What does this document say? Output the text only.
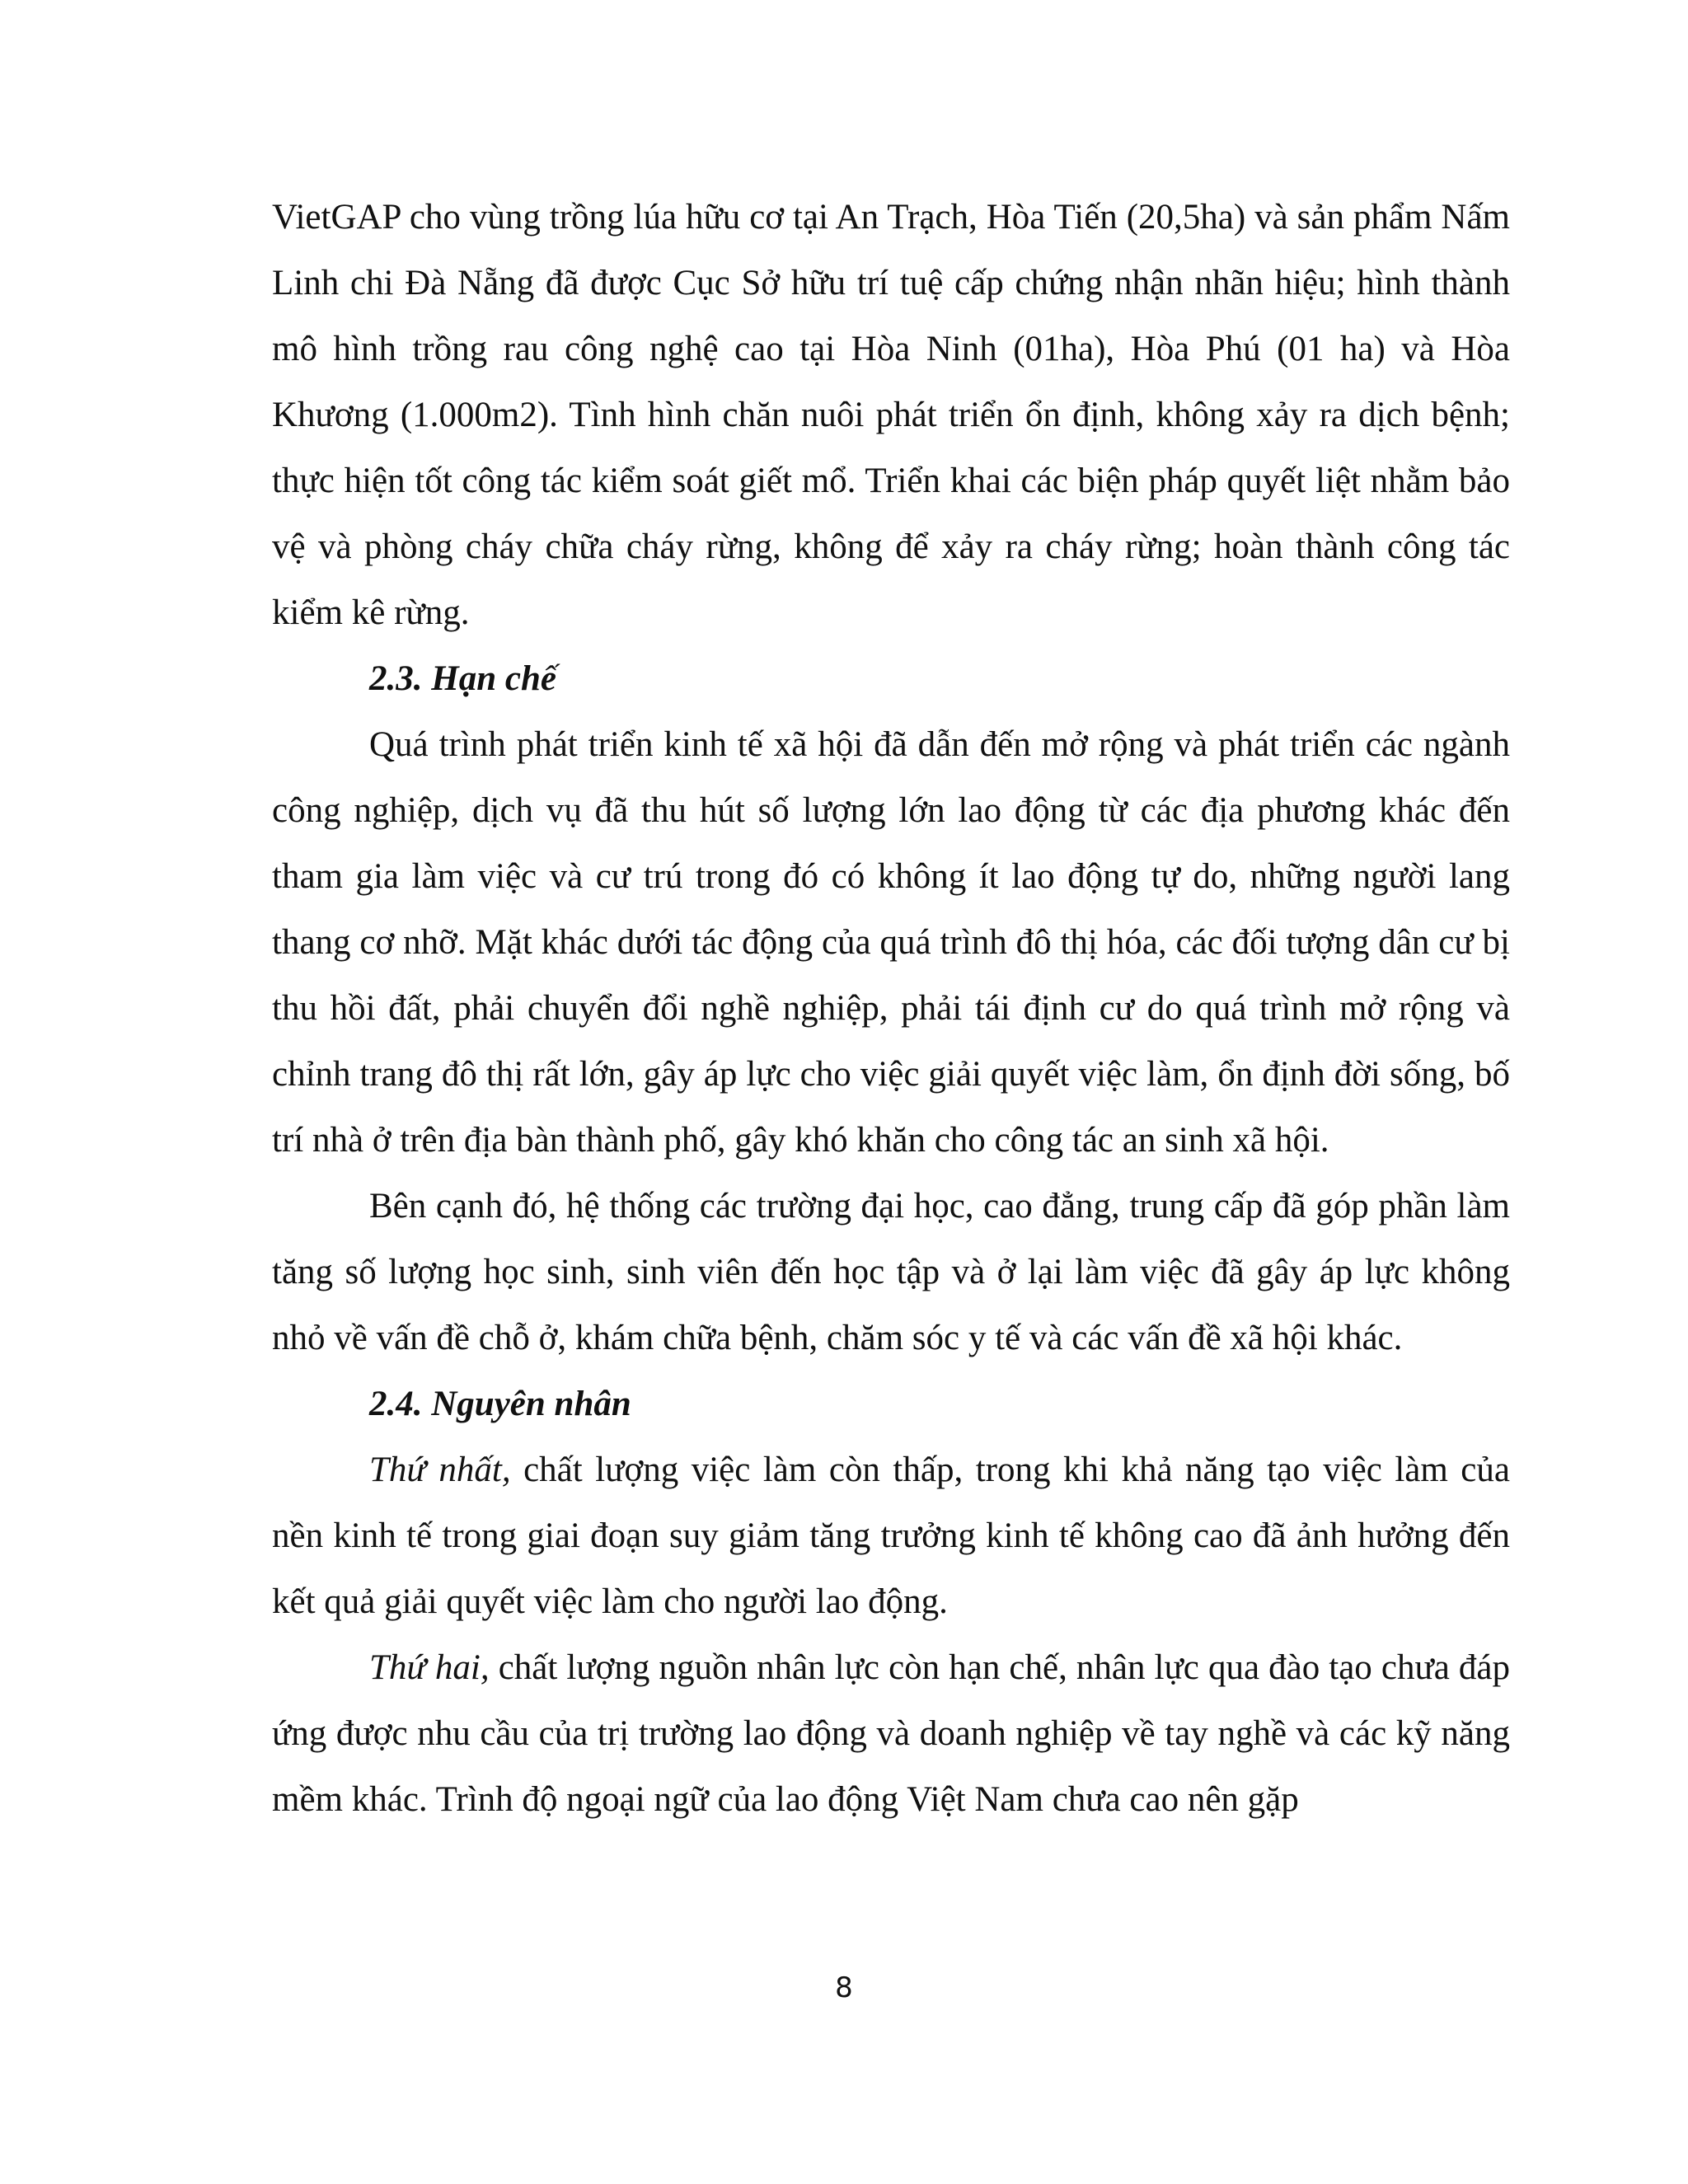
VietGAP cho vùng trồng lúa hữu cơ tại An Trạch, Hòa Tiến (20,5ha) và sản phẩm Nấm Linh chi Đà Nẵng đã được Cục Sở hữu trí tuệ cấp chứng nhận nhãn hiệu; hình thành mô hình trồng rau công nghệ cao tại Hòa Ninh (01ha), Hòa Phú (01 ha) và Hòa Khương (1.000m2). Tình hình chăn nuôi phát triển ổn định, không xảy ra dịch bệnh; thực hiện tốt công tác kiểm soát giết mổ. Triển khai các biện pháp quyết liệt nhằm bảo vệ và phòng cháy chữa cháy rừng, không để xảy ra cháy rừng; hoàn thành công tác kiểm kê rừng.

2.3. Hạn chế

Quá trình phát triển kinh tế xã hội đã dẫn đến mở rộng và phát triển các ngành công nghiệp, dịch vụ đã thu hút số lượng lớn lao động từ các địa phương khác đến tham gia làm việc và cư trú trong đó có không ít lao động tự do, những người lang thang cơ nhỡ. Mặt khác dưới tác động của quá trình đô thị hóa, các đối tượng dân cư bị thu hồi đất, phải chuyển đổi nghề nghiệp, phải tái định cư do quá trình mở rộng và chỉnh trang đô thị rất lớn, gây áp lực cho việc giải quyết việc làm, ổn định đời sống, bố trí nhà ở trên địa bàn thành phố, gây khó khăn cho công tác an sinh xã hội.

Bên cạnh đó, hệ thống các trường đại học, cao đẳng, trung cấp đã góp phần làm tăng số lượng học sinh, sinh viên đến học tập và ở lại làm việc đã gây áp lực không nhỏ về vấn đề chỗ ở, khám chữa bệnh, chăm sóc y tế và các vấn đề xã hội khác.

2.4. Nguyên nhân

Thứ nhất, chất lượng việc làm còn thấp, trong khi khả năng tạo việc làm của nền kinh tế trong giai đoạn suy giảm tăng trưởng kinh tế không cao đã ảnh hưởng đến kết quả giải quyết việc làm cho người lao động.

Thứ hai, chất lượng nguồn nhân lực còn hạn chế, nhân lực qua đào tạo chưa đáp ứng được nhu cầu của trị trường lao động và doanh nghiệp về tay nghề và các kỹ năng mềm khác. Trình độ ngoại ngữ của lao động Việt Nam chưa cao nên gặp

8
